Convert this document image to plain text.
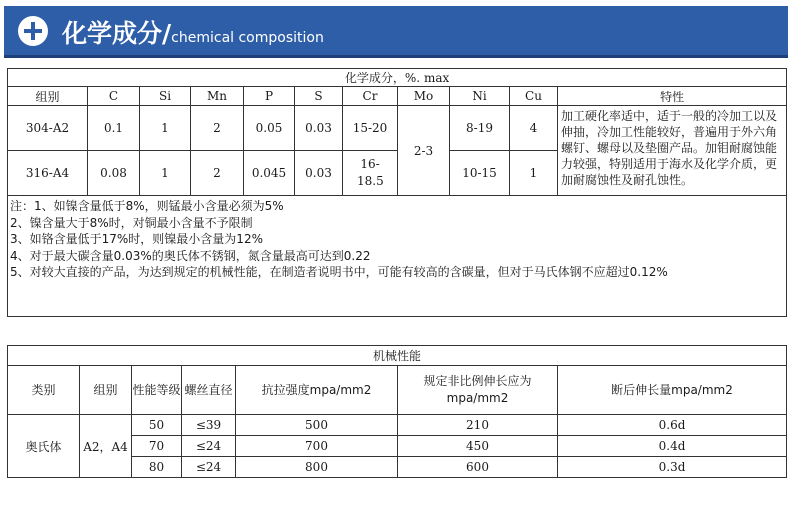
化学成分/chemical composition
化学成分，%. max										
组别	C	Si	Mn	P	S	Cr	Mo	Ni	Cu	特性
304-A2	0.1	1	2	0.05	0.03	15-20	2-3	8-19	4	加工硬化率适中，适于一般的冷加工以及伸抽，冷加工性能较好，普遍用于外六角螺钉、螺母以及垫圈产品。加钼耐腐蚀能力较强，特别适用于海水及化学介质，更加耐腐蚀性及耐孔蚀性。
316-A4	0.08	1	2	0.045	0.03	16-18.5		10-15	1	

注：1、如镍含量低于8%，则锰最小含量必须为5%
2、镍含量大于8%时，对铜最小含量不予限制
3、如铬含量低于17%时，则镍最小含量为12%
4、对于最大碳含量0.03%的奥氏体不锈钢，氮含量最高可达到0.22
5、对较大直接的产品，为达到规定的机械性能，在制造者说明书中，可能有较高的含碳量，但对于马氏体钢不应超过0.12%										
机械性能						
类别	组别	性能等级	螺丝直径	抗拉强度mpa/mm2	规定非比例伸长应为mpa/mm2	断后伸长量mpa/mm2
奥氏体	A2，A4	50	≤39	500	210	0.6d
		70	≤24	700	450	0.4d
		80	≤24	800	600	0.3d
